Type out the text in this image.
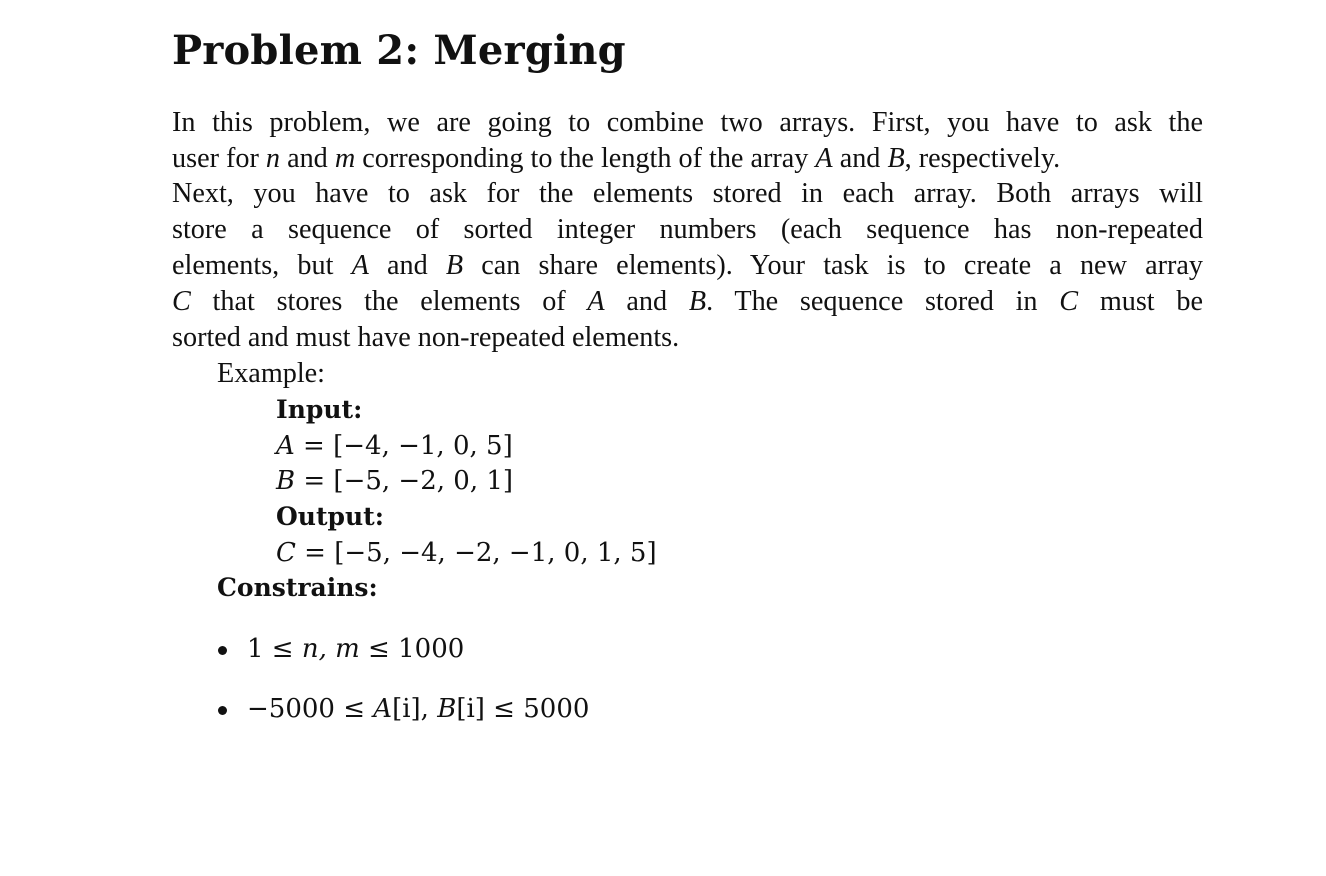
Problem 2: Merging

In this problem, we are going to combine two arrays. First, you have to ask the

user for n and m corresponding to the length of the array A and B, respectively.

Next, you have to ask for the elements stored in each array. Both arrays will

store a sequence of sorted integer numbers (each sequence has non-repeated

elements, but A and B can share elements). Your task is to create a new array

C that stores the elements of A and B. The sequence stored in C must be

sorted and must have non-repeated elements.

Example:

Input:

A = [−4, −1, 0, 5]

B = [−5, −2, 0, 1]

Output:

C = [−5, −4, −2, −1, 0, 1, 5]

Constrains:

1 ≤ n, m ≤ 1000

−5000 ≤ A[i], B[i] ≤ 5000
